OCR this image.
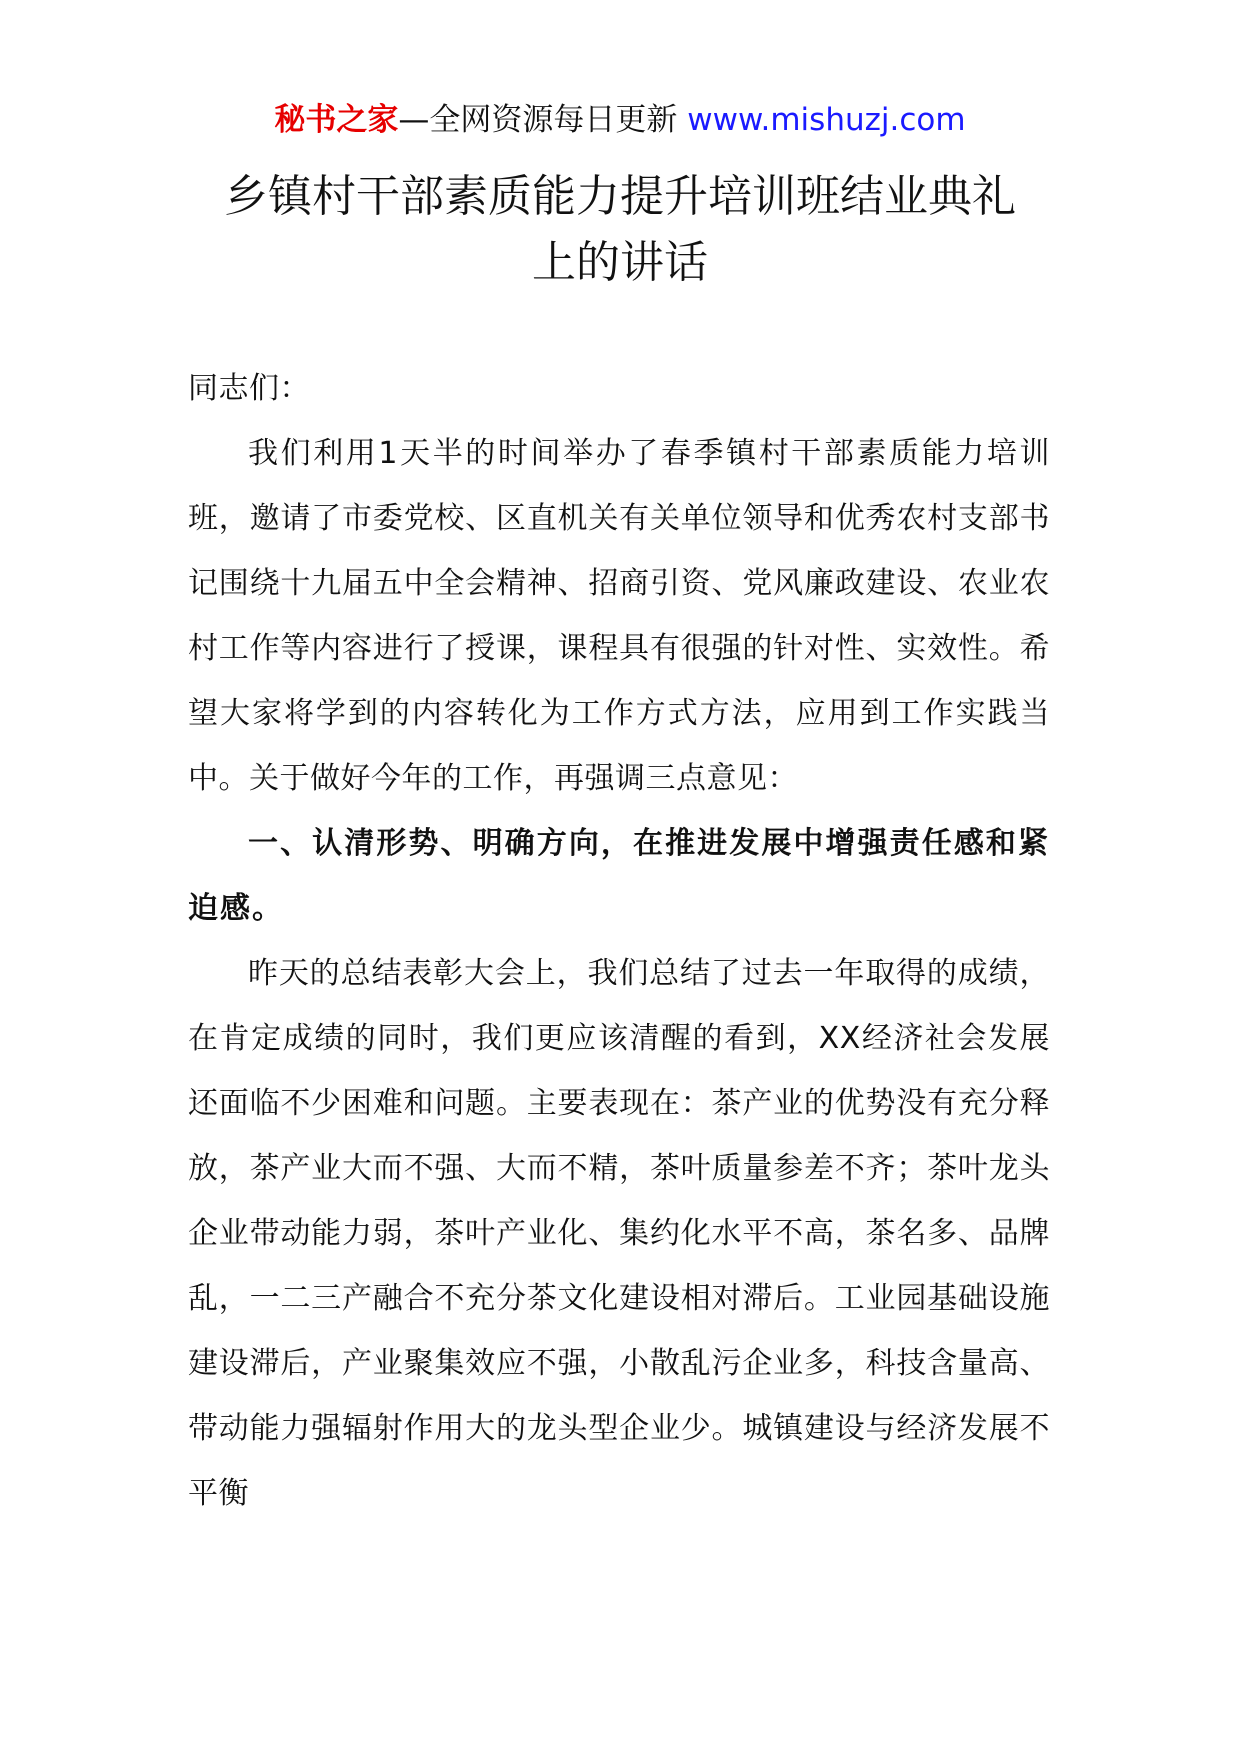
秘书之家—全网资源每日更新 www.mishuzj.com
乡镇村干部素质能力提升培训班结业典礼
上的讲话

同志们：

我们利用1天半的时间举办了春季镇村干部素质能力培训班，邀请了市委党校、区直机关有关单位领导和优秀农村支部书记围绕十九届五中全会精神、招商引资、党风廉政建设、农业农村工作等内容进行了授课，课程具有很强的针对性、实效性。希望大家将学到的内容转化为工作方式方法，应用到工作实践当中。关于做好今年的工作，再强调三点意见：

一、认清形势、明确方向，在推进发展中增强责任感和紧迫感。

昨天的总结表彰大会上，我们总结了过去一年取得的成绩，在肯定成绩的同时，我们更应该清醒的看到，XX经济社会发展还面临不少困难和问题。主要表现在：茶产业的优势没有充分释放，茶产业大而不强、大而不精，茶叶质量参差不齐；茶叶龙头企业带动能力弱，茶叶产业化、集约化水平不高，茶名多、品牌乱，一二三产融合不充分茶文化建设相对滞后。工业园基础设施建设滞后，产业聚集效应不强，小散乱污企业多，科技含量高、带动能力强辐射作用大的龙头型企业少。城镇建设与经济发展不平衡
